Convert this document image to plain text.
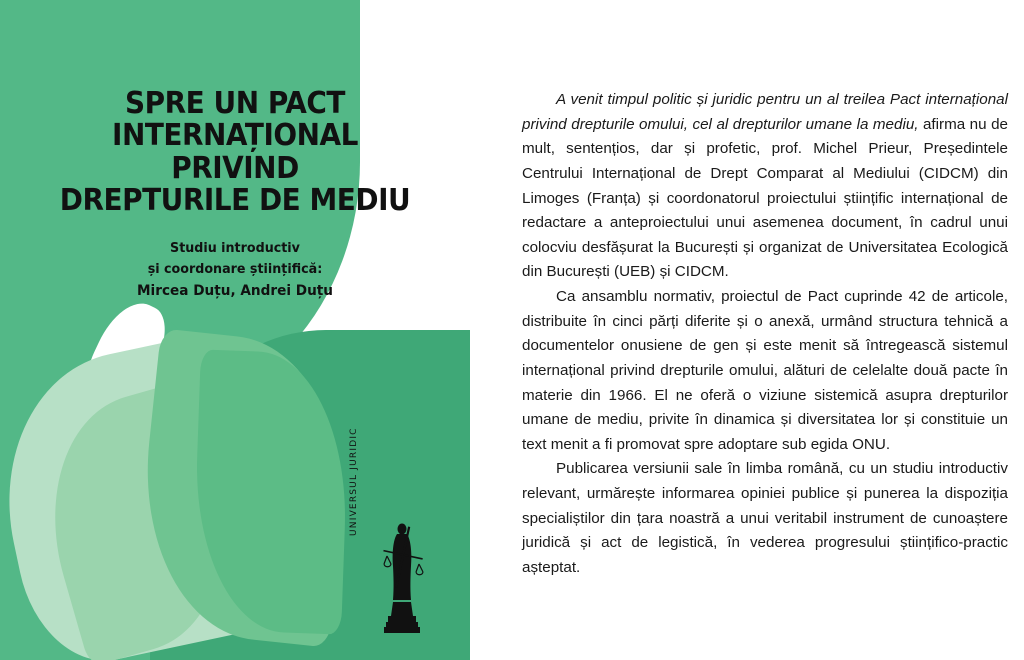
SPRE UN PACT INTERNAȚIONAL
PRIVIND
DREPTURILE DE MEDIU
Studiu introductiv
și coordonare științifică:
Mircea Duțu, Andrei Duțu
UNIVERSUL JURIDIC

A venit timpul politic și juridic pentru un al treilea Pact internațional privind drepturile omului, cel al drepturilor umane la mediu, afirma nu de mult, sentențios, dar și profetic, prof. Michel Prieur, Președintele Centrului Internațional de Drept Comparat al Mediului (CIDCM) din Limoges (Franța) și coordonatorul proiectului științific internațional de redactare a anteproiectului unui asemenea document, în cadrul unui colocviu desfășurat la București și organizat de Universitatea Ecologică din București (UEB) și CIDCM.

Ca ansamblu normativ, proiectul de Pact cuprinde 42 de articole, distribuite în cinci părți diferite și o anexă, urmând structura tehnică a documentelor onusiene de gen și este menit să întregească sistemul internațional privind drepturile omului, alături de celelalte două pacte în materie din 1966. El ne oferă o viziune sistemică asupra drepturilor umane de mediu, privite în dinamica și diversitatea lor și constituie un text menit a fi promovat spre adoptare sub egida ONU.

Publicarea versiunii sale în limba română, cu un studiu introductiv relevant, urmărește informarea opiniei publice și punerea la dispoziția specialiștilor din țara noastră a unui veritabil instrument de cunoaștere juridică și act de legistică, în vederea progresului științifico-practic așteptat.
